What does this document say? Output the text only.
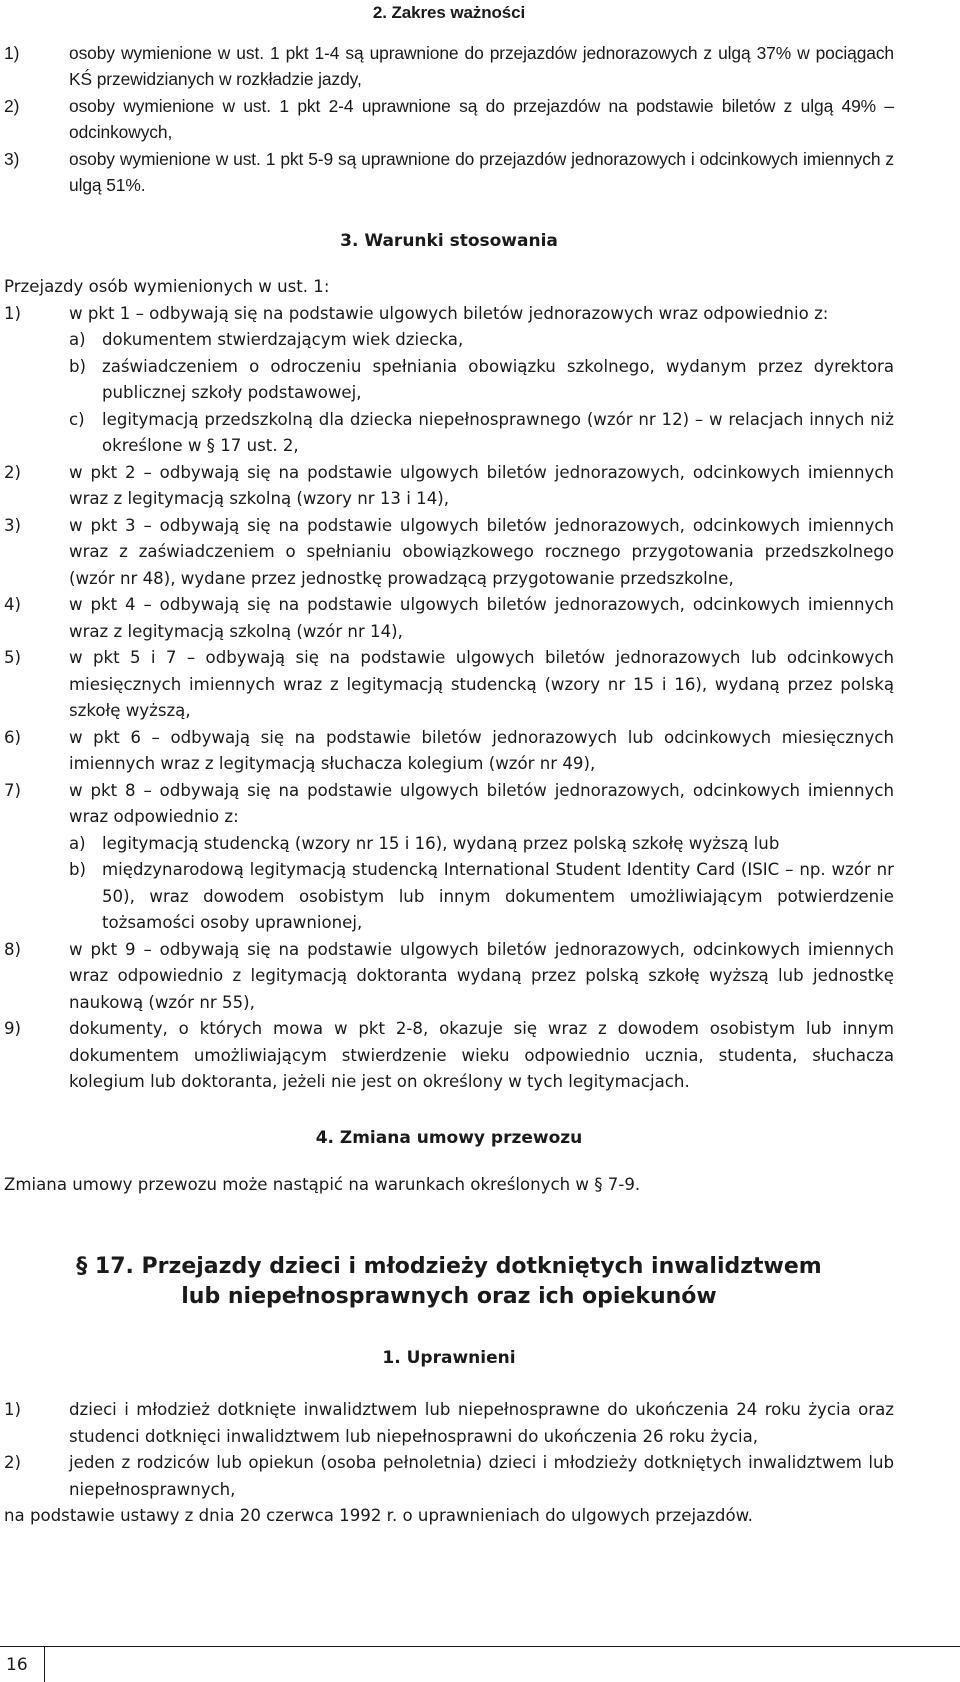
2. Zakres ważności
1)	osoby wymienione w ust. 1 pkt 1-4 są uprawnione do przejazdów jednorazowych z ulgą 37% w pociągach KŚ przewidzianych w rozkładzie jazdy,
2)	osoby wymienione w ust. 1 pkt 2-4 uprawnione są do przejazdów na podstawie biletów z ulgą 49% – odcinkowych,
3)	osoby wymienione w ust. 1 pkt 5-9 są uprawnione do przejazdów jednorazowych i odcinkowych imiennych z ulgą 51%.
3. Warunki stosowania

Przejazdy osób wymienionych w ust. 1:

1)	w pkt 1 – odbywają się na podstawie ulgowych biletów jednorazowych wraz odpowiednio z:
a) dokumentem stwierdzającym wiek dziecka,
b) zaświadczeniem o odroczeniu spełniania obowiązku szkolnego, wydanym przez dyrektora publicznej szkoły podstawowej,
c) legitymacją przedszkolną dla dziecka niepełnosprawnego (wzór nr 12) – w relacjach innych niż określone w § 17 ust. 2,
2)	w pkt 2 – odbywają się na podstawie ulgowych biletów jednorazowych, odcinkowych imiennych wraz z legitymacją szkolną (wzory nr 13 i 14),
3)	w pkt 3 – odbywają się na podstawie ulgowych biletów jednorazowych, odcinkowych imiennych wraz z zaświadczeniem o spełnianiu obowiązkowego rocznego przygotowania przedszkolnego (wzór nr 48), wydane przez jednostkę prowadzącą przygotowanie przedszkolne,
4)	w pkt 4 – odbywają się na podstawie ulgowych biletów jednorazowych, odcinkowych imiennych wraz z legitymacją szkolną (wzór nr 14),
5)	w pkt 5 i 7 – odbywają się na podstawie ulgowych biletów jednorazowych lub odcinkowych miesięcznych imiennych wraz z legitymacją studencką (wzory nr 15 i 16), wydaną przez polską szkołę wyższą,
6)	w pkt 6 – odbywają się na podstawie biletów jednorazowych lub odcinkowych miesięcznych imiennych wraz z legitymacją słuchacza kolegium (wzór nr 49),
7)	w pkt 8 – odbywają się na podstawie ulgowych biletów jednorazowych, odcinkowych imiennych wraz odpowiednio z:
a) legitymacją studencką (wzory nr 15 i 16), wydaną przez polską szkołę wyższą lub
b) międzynarodową legitymacją studencką International Student Identity Card (ISIC – np. wzór nr 50), wraz dowodem osobistym lub innym dokumentem umożliwiającym potwierdzenie tożsamości osoby uprawnionej,
8)	w pkt 9 – odbywają się na podstawie ulgowych biletów jednorazowych, odcinkowych imiennych wraz odpowiednio z legitymacją doktoranta wydaną przez polską szkołę wyższą lub jednostkę naukową (wzór nr 55),
9)	dokumenty, o których mowa w pkt 2-8, okazuje się wraz z dowodem osobistym lub innym dokumentem umożliwiającym stwierdzenie wieku odpowiednio ucznia, studenta, słuchacza kolegium lub doktoranta, jeżeli nie jest on określony w tych legitymacjach.
4. Zmiana umowy przewozu

Zmiana umowy przewozu może nastąpić na warunkach określonych w § 7-9.

§ 17. Przejazdy dzieci i młodzieży dotkniętych inwalidztwem
lub niepełnosprawnych oraz ich opiekunów
1. Uprawnieni
1)	dzieci i młodzież dotknięte inwalidztwem lub niepełnosprawne do ukończenia 24 roku życia oraz studenci dotknięci inwalidztwem lub niepełnosprawni do ukończenia 26 roku życia,
2)	jeden z rodziców lub opiekun (osoba pełnoletnia) dzieci i młodzieży dotkniętych inwalidztwem lub niepełnosprawnych,

na podstawie ustawy z dnia 20 czerwca 1992 r. o uprawnieniach do ulgowych przejazdów.

16
